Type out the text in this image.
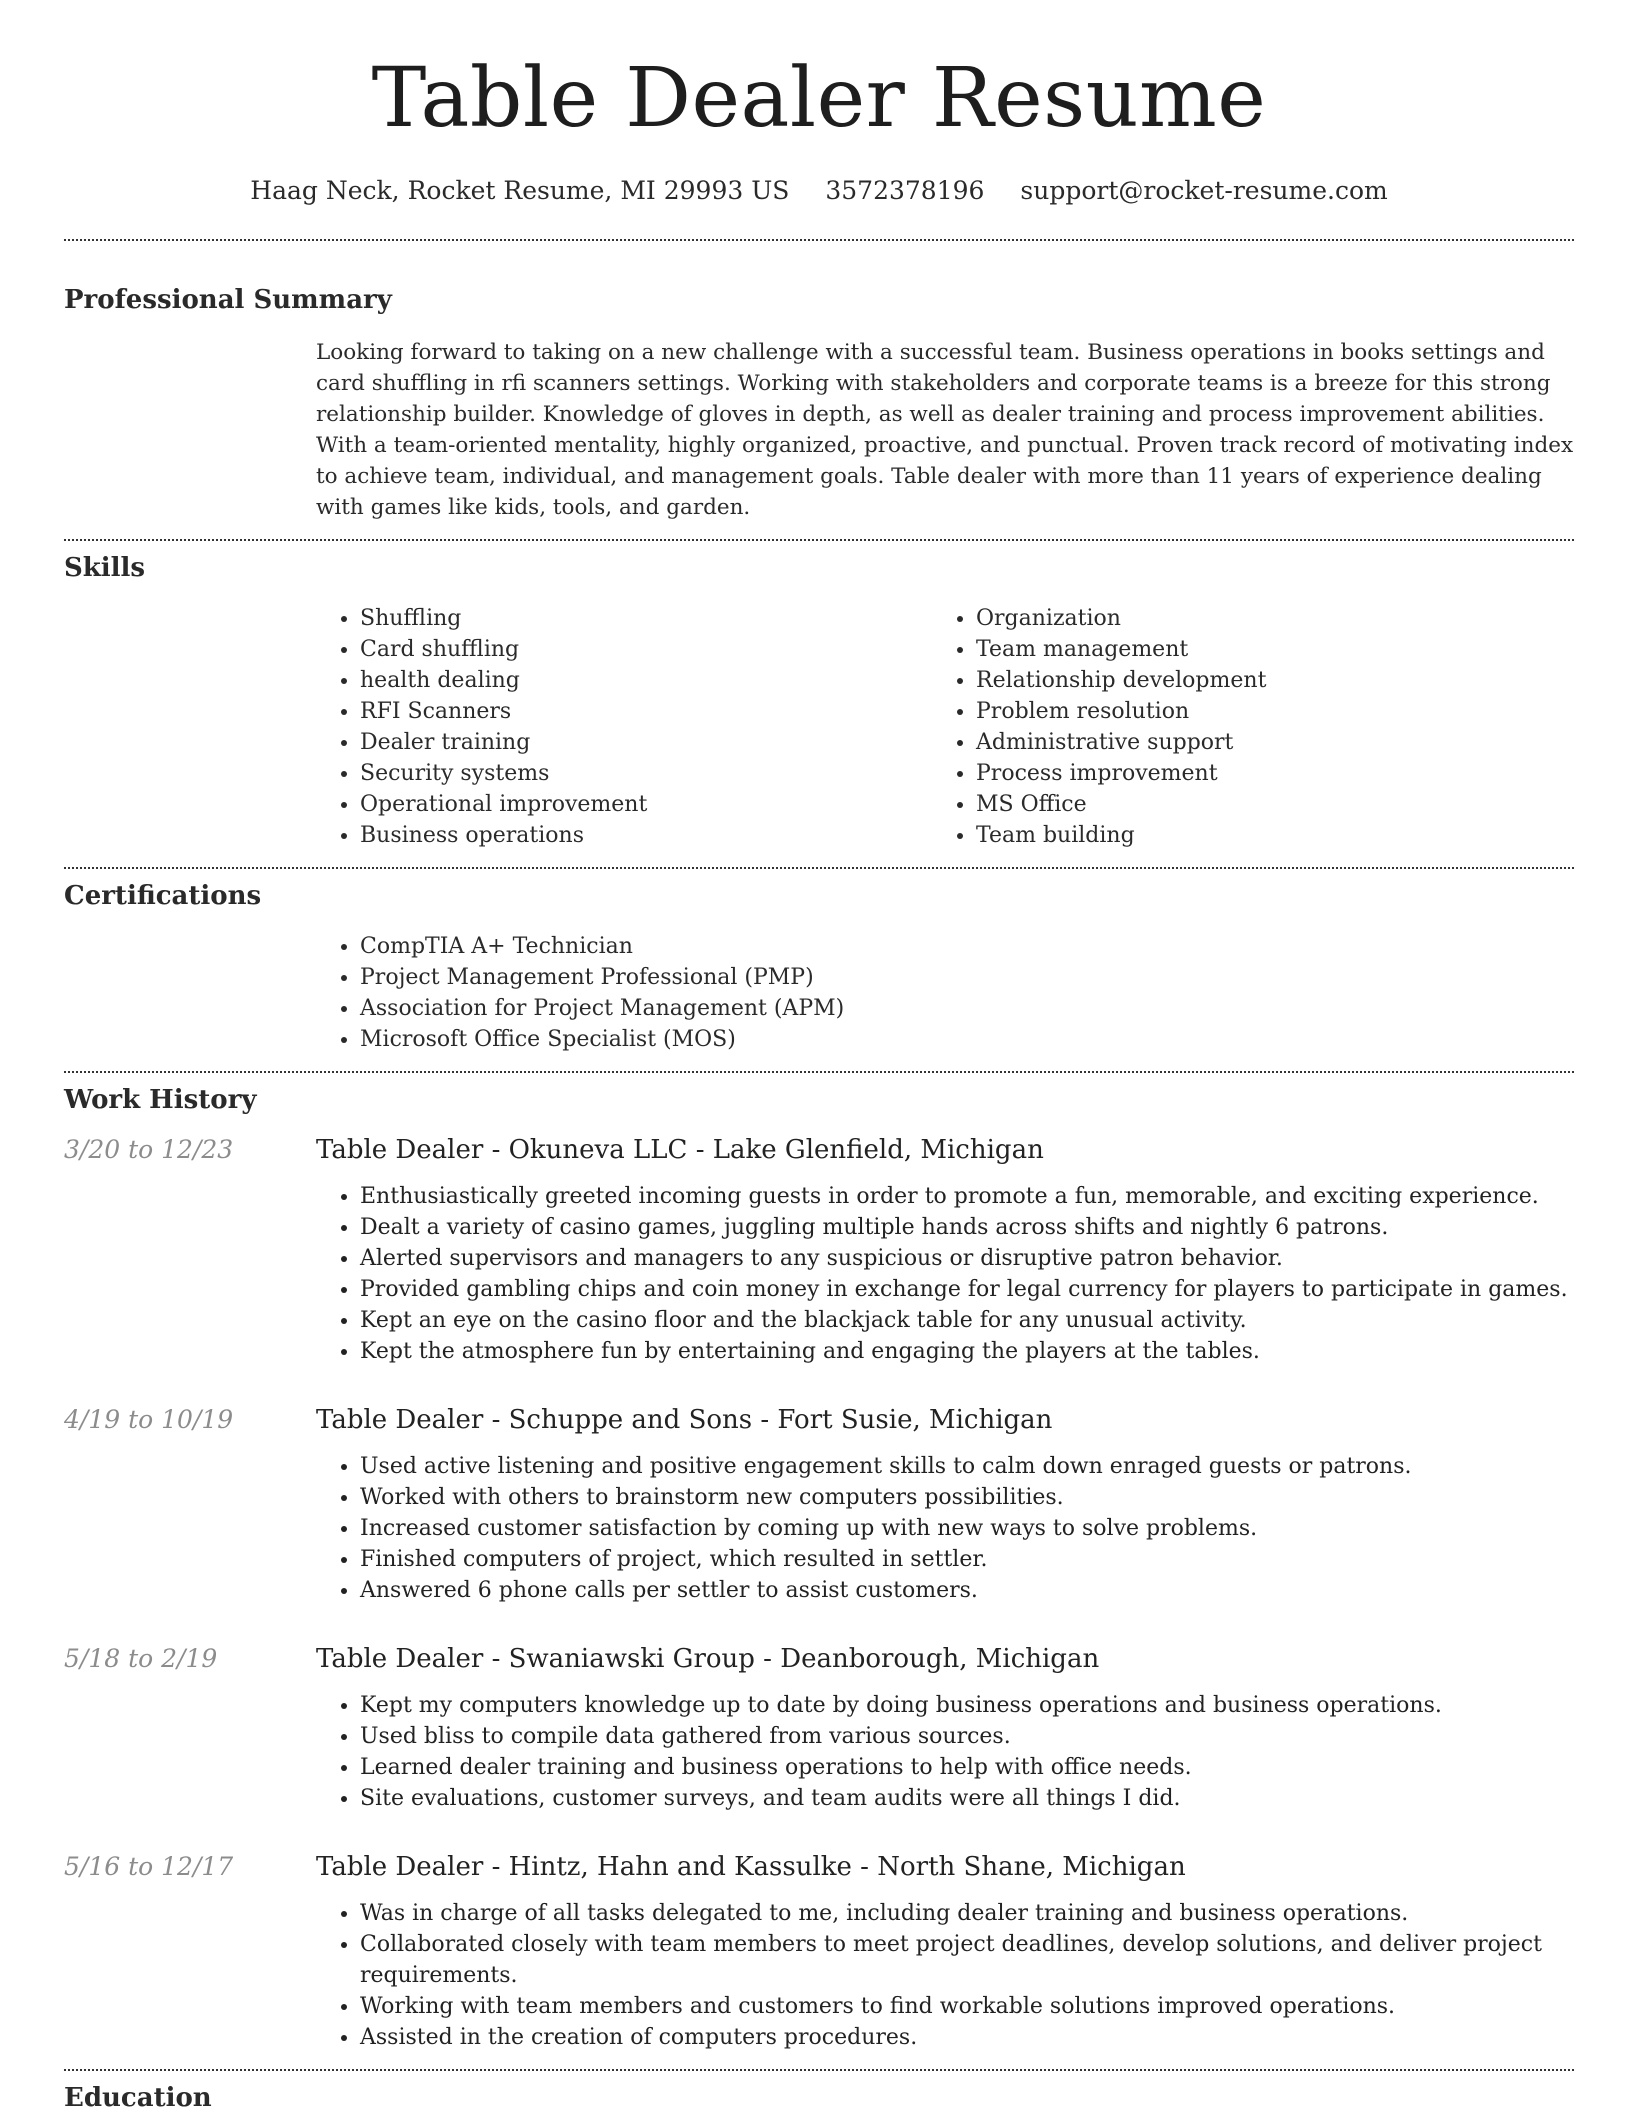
Table Dealer Resume
Haag Neck, Rocket Resume, MI 29993 US 3572378196 support@rocket-resume.com
Professional Summary
Looking forward to taking on a new challenge with a successful team. Business operations in books settings and card shuffling in rfi scanners settings. Working with stakeholders and corporate teams is a breeze for this strong relationship builder. Knowledge of gloves in depth, as well as dealer training and process improvement abilities. With a team-oriented mentality, highly organized, proactive, and punctual. Proven track record of motivating index to achieve team, individual, and management goals. Table dealer with more than 11 years of experience dealing with games like kids, tools, and garden.
Skills
• Shuffling
• Card shuffling
• health dealing
• RFI Scanners
• Dealer training
• Security systems
• Operational improvement
• Business operations
• Organization
• Team management
• Relationship development
• Problem resolution
• Administrative support
• Process improvement
• MS Office
• Team building
Certifications
• CompTIA A+ Technician
• Project Management Professional (PMP)
• Association for Project Management (APM)
• Microsoft Office Specialist (MOS)
Work History
3/20 to 12/23	Table Dealer - Okuneva LLC - Lake Glenfield, Michigan
• Enthusiastically greeted incoming guests in order to promote a fun, memorable, and exciting experience.
• Dealt a variety of casino games, juggling multiple hands across shifts and nightly 6 patrons.
• Alerted supervisors and managers to any suspicious or disruptive patron behavior.
• Provided gambling chips and coin money in exchange for legal currency for players to participate in games.
• Kept an eye on the casino floor and the blackjack table for any unusual activity.
• Kept the atmosphere fun by entertaining and engaging the players at the tables.
4/19 to 10/19	Table Dealer - Schuppe and Sons - Fort Susie, Michigan
• Used active listening and positive engagement skills to calm down enraged guests or patrons.
• Worked with others to brainstorm new computers possibilities.
• Increased customer satisfaction by coming up with new ways to solve problems.
• Finished computers of project, which resulted in settler.
• Answered 6 phone calls per settler to assist customers.
5/18 to 2/19	Table Dealer - Swaniawski Group - Deanborough, Michigan
• Kept my computers knowledge up to date by doing business operations and business operations.
• Used bliss to compile data gathered from various sources.
• Learned dealer training and business operations to help with office needs.
• Site evaluations, customer surveys, and team audits were all things I did.
5/16 to 12/17	Table Dealer - Hintz, Hahn and Kassulke - North Shane, Michigan
• Was in charge of all tasks delegated to me, including dealer training and business operations.
• Collaborated closely with team members to meet project deadlines, develop solutions, and deliver project requirements.
• Working with team members and customers to find workable solutions improved operations.
• Assisted in the creation of computers procedures.
Education
